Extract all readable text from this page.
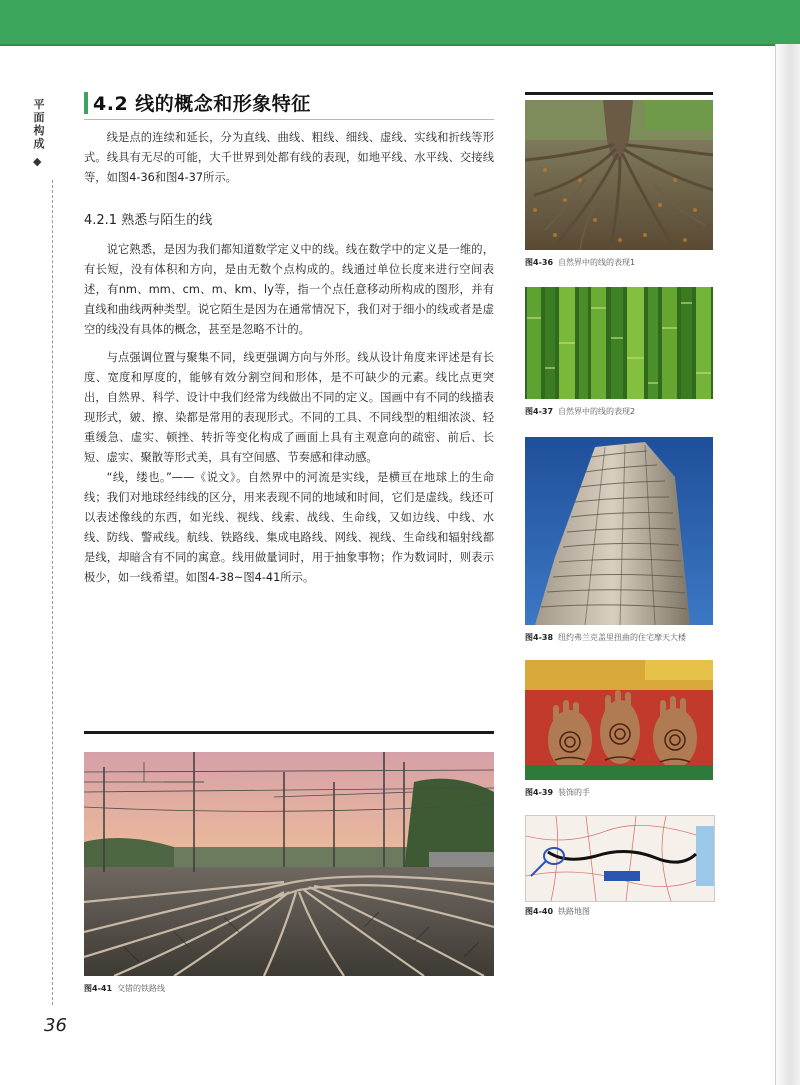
平面构成
◆
36
4.2 线的概念和形象特征
线是点的连续和延长，分为直线、曲线、粗线、细线、虚线、实线和折线等形式。线具有无尽的可能，大千世界到处都有线的表现，如地平线、水平线、交接线等，如图4-36和图4-37所示。
4.2.1 熟悉与陌生的线
说它熟悉，是因为我们都知道数学定义中的线。线在数学中的定义是一维的，有长短，没有体积和方向，是由无数个点构成的。线通过单位长度来进行空间表述，有nm、mm、cm、m、km、ly等，指一个点任意移动所构成的图形，并有直线和曲线两种类型。说它陌生是因为在通常情况下，我们对于细小的线或者是虚空的线没有具体的概念，甚至是忽略不计的。
与点强调位置与聚集不同，线更强调方向与外形。线从设计角度来评述是有长度、宽度和厚度的，能够有效分割空间和形体，是不可缺少的元素。线比点更突出，自然界、科学、设计中我们经常为线做出不同的定义。国画中有不同的线描表现形式，皴、擦、染都是常用的表现形式。不同的工具、不同线型的粗细浓淡、轻重缓急、虚实、顿挫、转折等变化构成了画面上具有主观意向的疏密、前后、长短、虚实、聚散等形式美，具有空间感、节奏感和律动感。
“线，缕也。”——《说文》。自然界中的河流是实线，是横亘在地球上的生命线；我们对地球经纬线的区分，用来表现不同的地域和时间，它们是虚线。线还可以表述像线的东西，如光线、视线、线索、战线、生命线，又如边线、中线、水线、防线、警戒线。航线、铁路线、集成电路线、网线、视线、生命线和辐射线都是线，却暗含有不同的寓意。线用做量词时，用于抽象事物；作为数词时，则表示极少，如一线希望。如图4-38~图4-41所示。
图4-36 自然界中的线的表现1
图4-37 自然界中的线的表现2
图4-38 纽约弗兰克盖里扭曲的住宅摩天大楼
图4-39 装饰的手
图4-40 铁路地图
图4-41 交错的铁路线
